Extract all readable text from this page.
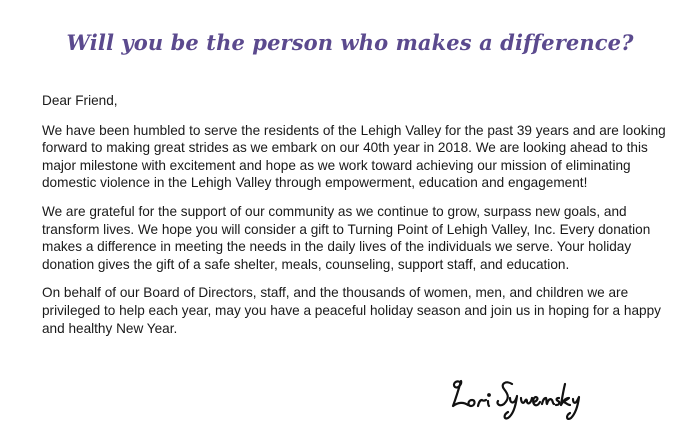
Will you be the person who makes a difference?

Dear Friend,

We have been humbled to serve the residents of the Lehigh Valley for the past 39 years and are looking forward to making great strides as we embark on our 40th year in 2018. We are looking ahead to this major milestone with excitement and hope as we work toward achieving our mission of eliminating domestic violence in the Lehigh Valley through empowerment, education and engagement!

We are grateful for the support of our community as we continue to grow, surpass new goals, and transform lives. We hope you will consider a gift to Turning Point of Lehigh Valley, Inc. Every donation makes a difference in meeting the needs in the daily lives of the individuals we serve. Your holiday donation gives the gift of a safe shelter, meals, counseling, support staff, and education.

On behalf of our Board of Directors, staff, and the thousands of women, men, and children we are privileged to help each year, may you have a peaceful holiday season and join us in hoping for a happy and healthy New Year.
